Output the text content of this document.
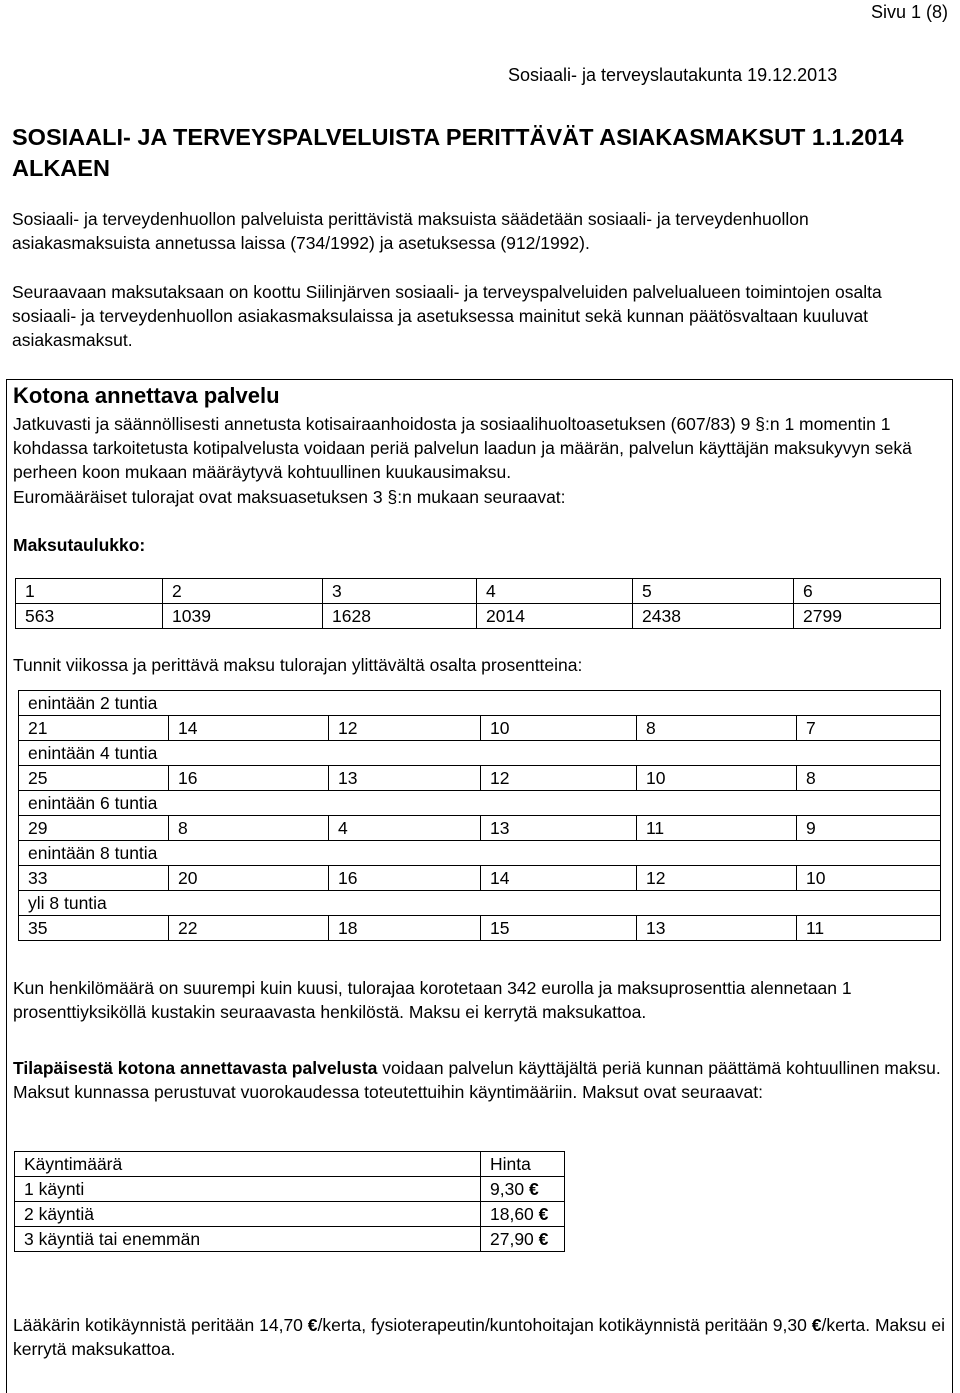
Sivu 1 (8)
Sosiaali- ja terveyslautakunta 19.12.2013
SOSIAALI- JA TERVEYSPALVELUISTA PERITTÄVÄT ASIAKASMAKSUT 1.1.2014 ALKAEN

Sosiaali- ja terveydenhuollon palveluista perittävistä maksuista säädetään sosiaali- ja terveydenhuollon asiakasmaksuista annetussa laissa (734/1992) ja asetuksessa (912/1992).

Seuraavaan maksutaksaan on koottu Siilinjärven sosiaali- ja terveyspalveluiden palvelualueen toimintojen osalta sosiaali- ja terveydenhuollon asiakasmaksulaissa ja asetuksessa mainitut sekä kunnan päätösvaltaan kuuluvat asiakasmaksut.

Kotona annettava palvelu

Jatkuvasti ja säännöllisesti annetusta kotisairaanhoidosta ja sosiaalihuoltoasetuksen (607/83) 9 §:n 1 momentin 1 kohdassa tarkoitetusta kotipalvelusta voidaan periä palvelun laadun ja määrän, palvelun käyttäjän maksukyvyn sekä perheen koon mukaan määräytyvä kohtuullinen kuukausimaksu.

Euromääräiset tulorajat ovat maksuasetuksen 3 §:n mukaan seuraavat:

Maksutaulukko:
1	2	3	4	5	6
563	1039	1628	2014	2438	2799
Tunnit viikossa ja perittävä maksu tulorajan ylittävältä osalta prosentteina:
enintään 2 tuntia					
21	14	12	10	8	7
enintään 4 tuntia					
25	16	13	12	10	8
enintään 6 tuntia					
29	8	4	13	11	9
enintään 8 tuntia					
33	20	16	14	12	10
yli 8 tuntia					
35	22	18	15	13	11

Kun henkilömäärä on suurempi kuin kuusi, tulorajaa korotetaan 342 eurolla ja maksuprosenttia alennetaan 1 prosenttiyksiköllä kustakin seuraavasta henkilöstä. Maksu ei kerrytä maksukattoa.

Tilapäisestä kotona annettavasta palvelusta voidaan palvelun käyttäjältä periä kunnan päättämä kohtuullinen maksu. Maksut kunnassa perustuvat vuorokaudessa toteutettuihin käyntimääriin. Maksut ovat seuraavat:

Käyntimäärä	Hinta
1 käynti	9,30 €
2 käyntiä	18,60 €
3 käyntiä tai enemmän	27,90 €

Lääkärin kotikäynnistä peritään 14,70 €/kerta, fysioterapeutin/kuntohoitajan kotikäynnistä peritään 9,30 €/kerta. Maksu ei kerrytä maksukattoa.
